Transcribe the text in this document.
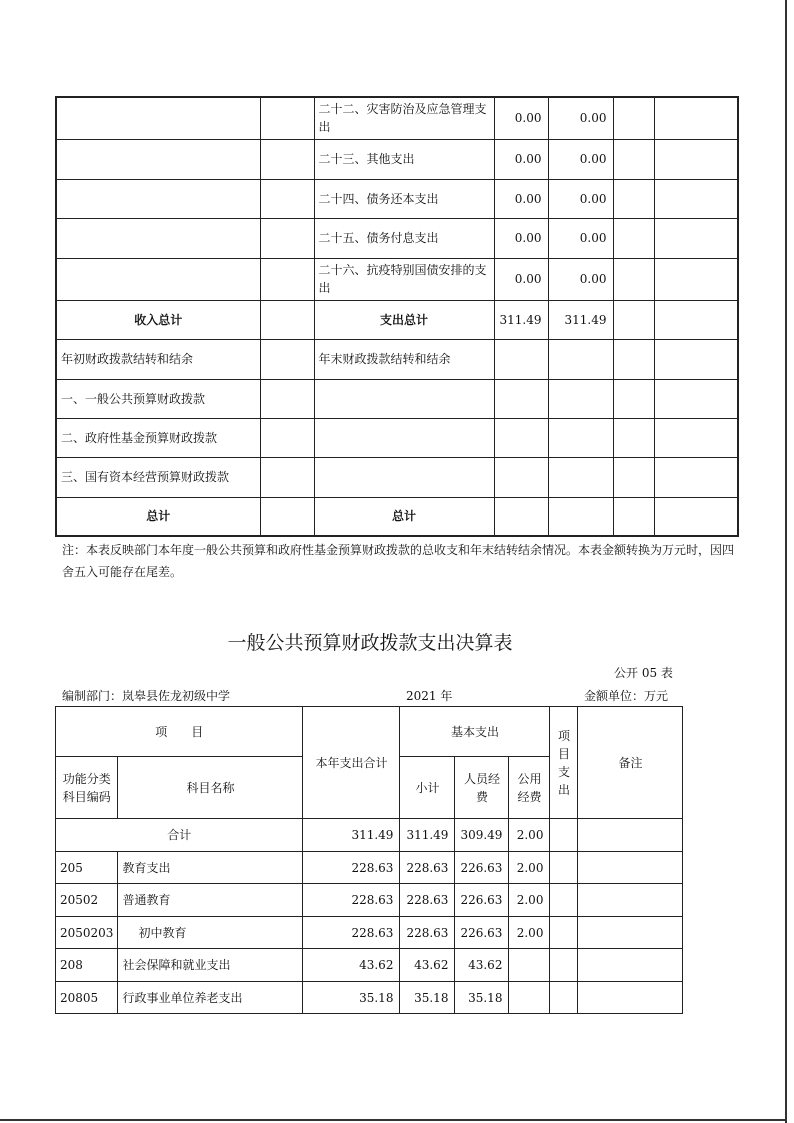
		二十二、灾害防治及应急管理支出	0.00	0.00		
		二十三、其他支出	0.00	0.00		
		二十四、债务还本支出	0.00	0.00		
		二十五、债务付息支出	0.00	0.00		
		二十六、抗疫特别国债安排的支出	0.00	0.00		
收入总计		支出总计	311.49	311.49		
年初财政拨款结转和结余		年末财政拨款结转和结余				
一、一般公共预算财政拨款						
二、政府性基金预算财政拨款						
三、国有资本经营预算财政拨款						
总计		总计				
注：本表反映部门本年度一般公共预算和政府性基金预算财政拨款的总收支和年末结转结余情况。本表金额转换为万元时，因四舍五入可能存在尾差。
一般公共预算财政拨款支出决算表
公开 05 表
编制部门：岚皋县佐龙初级中学	2021 年	金额单位：万元
项　　目		本年支出合计	基本支出			项目支出	备注
功能分类科目编码	科目名称		小计	人员经费	公用经费		
合计		311.49	311.49	309.49	2.00		
205	教育支出	228.63	228.63	226.63	2.00		
20502	普通教育	228.63	228.63	226.63	2.00		
2050203	初中教育	228.63	228.63	226.63	2.00		
208	社会保障和就业支出	43.62	43.62	43.62			
20805	行政事业单位养老支出	35.18	35.18	35.18			
